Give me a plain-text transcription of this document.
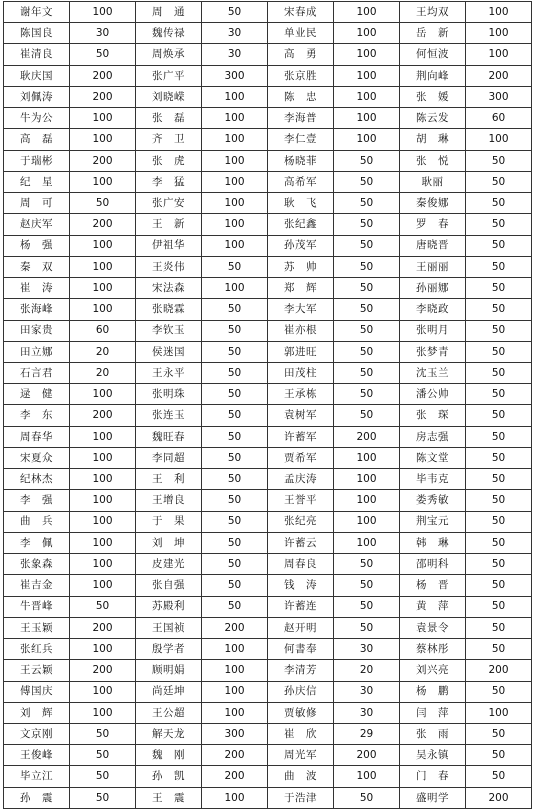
谢年文	100	周　通	50	宋春成	100	王均双	100
陈国良	30	魏传禄	30	单业民	100	岳　新	100
崔清良	50	周焕承	30	高　勇	100	何恒波	100
耿庆国	200	张广平	300	张京胜	100	荆向峰	200
刘佩涛	200	刘晓嵘	100	陈　忠	100	张　媛	300
牛为公	100	张　磊	100	李海普	100	陈云发	60
高　磊	100	齐　卫	100	李仁壹	100	胡　琳	100
于瑞彬	200	张　虎	100	杨晓菲	50	张　悦	50
纪　星	100	李　猛	100	高希军	50	耿丽	50
周　可	50	张广安	100	耿　飞	50	秦俊娜	50
赵庆军	200	王　新	100	张纪鑫	50	罗　春	50
杨　强	100	伊祖华	100	孙茂军	50	唐晓晋	50
秦　双	100	王炎伟	50	苏　帅	50	王丽丽	50
崔　涛	100	宋法森	100	郑　辉	50	孙丽娜	50
张海峰	100	张晓霖	50	李大军	50	李晓政	50
田家贵	60	李钦玉	50	崔亦根	50	张明月	50
田立娜	20	侯迷国	50	郭进旺	50	张梦青	50
石言君	20	王永平	50	田茂柱	50	沈玉兰	50
逯　健	100	张明珠	50	王承栋	50	潘公帅	50
李　东	200	张连玉	50	袁树军	50	张　琛	50
周春华	100	魏旺春	50	许蓄军	200	房志强	50
宋夏众	100	李同超	50	贾希军	100	陈文堂	50
纪林杰	100	王　利	50	孟庆涛	100	毕韦克	50
李　强	100	王增良	50	王誉平	100	娄秀敏	50
曲　兵	100	于　果	50	张纪亮	100	荆宝元	50
李　佩	100	刘　坤	50	许蓄云	100	韩　琳	50
张象森	100	皮建光	50	周春良	50	邵明科	50
崔吉金	100	张自强	50	钱　涛	50	杨　晋	50
牛晋峰	50	苏殿利	50	许蓄连	50	黄　萍	50
王玉颖	200	王国祯	200	赵开明	50	袁景令	50
张红兵	100	殷学者	100	何書奉	30	蔡林彤	50
王云颖	200	顾明娟	100	李清芳	20	刘兴亮	200
傅国庆	100	尚廷坤	100	孙庆信	30	杨　鹏	50
刘　辉	100	王公超	100	贾敏修	30	闫　萍	100
文京刚	50	解天龙	300	崔　欣	29	张　雨	50
王俊峰	50	魏　刚	200	周光军	200	吴永镇	50
毕立江	50	孙　凯	200	曲　波	100	门　春	50
孙　震	50	王　震	100	于浩津	50	盛明学	200
